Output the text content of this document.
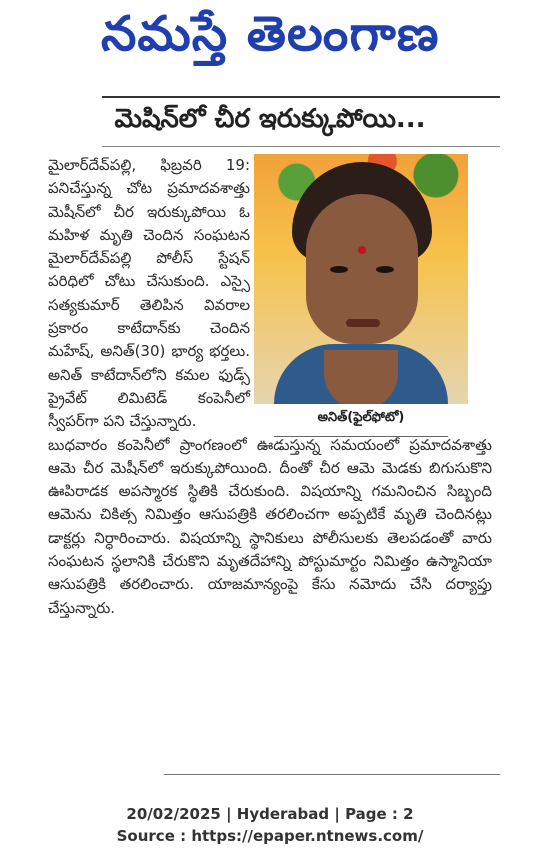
నమస్తే తెలంగాణ
మెషిన్‌లో చీర ఇరుక్కుపోయి...
అనిత్(ఫైల్‌ఫోటో)

మైలార్‌దేవ్‌పల్లి, ఫిబ్రవరి 19: పనిచేస్తున్న చోట ప్రమాదవశాత్తు మెషీన్‌లో చీర ఇరుక్కుపోయి ఓ మహిళ మృతి చెందిన సంఘటన మైలార్‌దేవ్‌పల్లి పోలీస్ స్టేషన్ పరిధిలో చోటు చేసుకుంది. ఎస్సై సత్యకుమార్ తెలిపిన వివరాల ప్రకారం కాటేదాన్‌కు చెందిన మహేష్, అనిత్(30) భార్య భర్తలు. అనిత్ కాటేదాన్‌లోని కమల ఫుడ్స్ ప్రైవేట్ లిమిటెడ్ కంపెనీలో స్వీపర్‌గా పని చేస్తున్నారు.

బుధవారం కంపెనీలో ప్రాంగణంలో ఊడుస్తున్న సమయంలో ప్రమాదవశాత్తు ఆమె చీర మెషీన్‌లో ఇరుక్కుపోయింది. దీంతో చీర ఆమె మెడకు బిగుసుకొని ఊపిరాడక అపస్మారక స్థితికి చేరుకుంది. విషయాన్ని గమనించిన సిబ్బంది ఆమెను చికిత్స నిమిత్తం ఆసుపత్రికి తరలించగా అప్పటికే మృతి చెందినట్లు డాక్టర్లు నిర్ధారించారు. విషయాన్ని స్థానికులు పోలీసులకు తెలపడంతో వారు సంఘటన స్థలానికి చేరుకొని మృతదేహాన్ని పోస్టుమార్టం నిమిత్తం ఉస్మానియా ఆసుపత్రికి తరలించారు. యాజమాన్యంపై కేసు నమోదు చేసి దర్యాప్తు చేస్తున్నారు.

20/02/2025 | Hyderabad | Page : 2
Source : https://epaper.ntnews.com/
